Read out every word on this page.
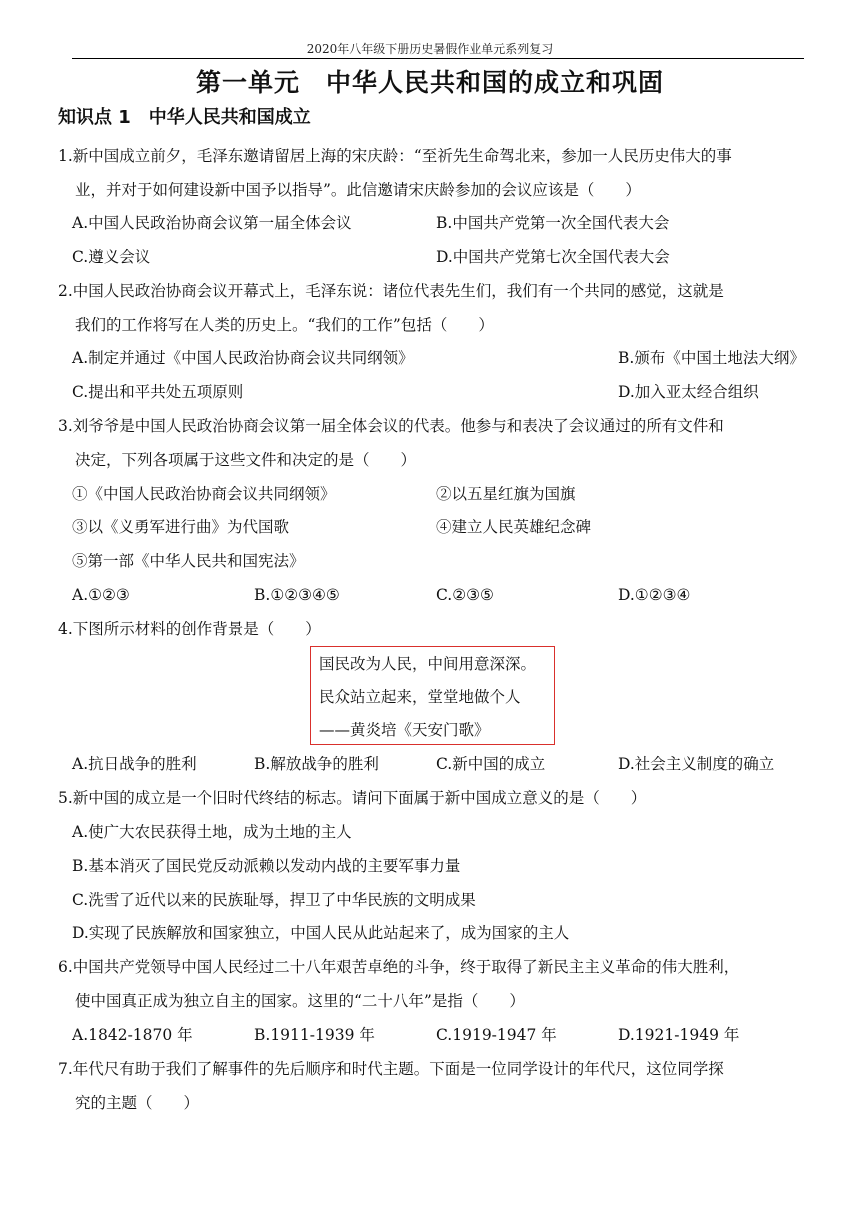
2020年八年级下册历史暑假作业单元系列复习
第一单元　中华人民共和国的成立和巩固
知识点 1　中华人民共和国成立
1.新中国成立前夕，毛泽东邀请留居上海的宋庆龄：“至祈先生命驾北来，参加一人民历史伟大的事
业，并对于如何建设新中国予以指导”。此信邀请宋庆龄参加的会议应该是（　　）
A.中国人民政治协商会议第一届全体会议	B.中国共产党第一次全国代表大会
C.遵义会议	D.中国共产党第七次全国代表大会
2.中国人民政治协商会议开幕式上，毛泽东说：诸位代表先生们，我们有一个共同的感觉，这就是
我们的工作将写在人类的历史上。“我们的工作”包括（　　）
A.制定并通过《中国人民政治协商会议共同纲领》	B.颁布《中国土地法大纲》
C.提出和平共处五项原则	D.加入亚太经合组织
3.刘爷爷是中国人民政治协商会议第一届全体会议的代表。他参与和表决了会议通过的所有文件和
决定，下列各项属于这些文件和决定的是（　　）
①《中国人民政治协商会议共同纲领》	②以五星红旗为国旗
③以《义勇军进行曲》为代国歌	④建立人民英雄纪念碑
⑤第一部《中华人民共和国宪法》
A.①②③	B.①②③④⑤	C.②③⑤	D.①②③④
4.下图所示材料的创作背景是（　　）
国民改为人民，中间用意深深。
民众站立起来，堂堂地做个人
——黄炎培《天安门歌》
A.抗日战争的胜利	B.解放战争的胜利	C.新中国的成立	D.社会主义制度的确立
5.新中国的成立是一个旧时代终结的标志。请问下面属于新中国成立意义的是（　　）
A.使广大农民获得土地，成为土地的主人
B.基本消灭了国民党反动派赖以发动内战的主要军事力量
C.洗雪了近代以来的民族耻辱，捍卫了中华民族的文明成果
D.实现了民族解放和国家独立，中国人民从此站起来了，成为国家的主人
6.中国共产党领导中国人民经过二十八年艰苦卓绝的斗争，终于取得了新民主主义革命的伟大胜利，
使中国真正成为独立自主的国家。这里的“二十八年”是指（　　）
A.1842-1870 年	B.1911-1939 年	C.1919-1947 年	D.1921-1949 年
7.年代尺有助于我们了解事件的先后顺序和时代主题。下面是一位同学设计的年代尺，这位同学探
究的主题（　　）
